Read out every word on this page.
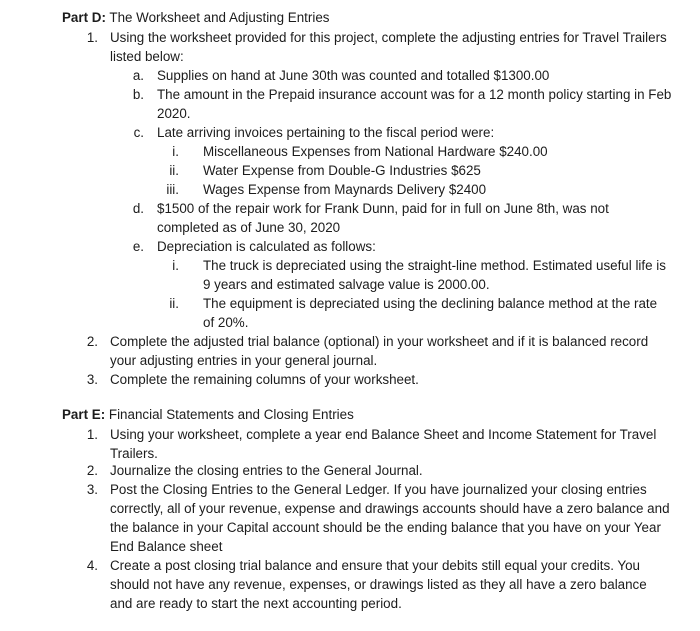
Part D: The Worksheet and Adjusting Entries
1. Using the worksheet provided for this project, complete the adjusting entries for Travel Trailers listed below:
a. Supplies on hand at June 30th was counted and totalled $1300.00
b. The amount in the Prepaid insurance account was for a 12 month policy starting in Feb 2020.
c. Late arriving invoices pertaining to the fiscal period were:
i. Miscellaneous Expenses from National Hardware $240.00
ii. Water Expense from Double-G Industries $625
iii. Wages Expense from Maynards Delivery $2400
d. $1500 of the repair work for Frank Dunn, paid for in full on June 8th, was not completed as of June 30, 2020
e. Depreciation is calculated as follows:
i. The truck is depreciated using the straight-line method. Estimated useful life is 9 years and estimated salvage value is 2000.00.
ii. The equipment is depreciated using the declining balance method at the rate of 20%.
2. Complete the adjusted trial balance (optional) in your worksheet and if it is balanced record your adjusting entries in your general journal.
3. Complete the remaining columns of your worksheet.
Part E: Financial Statements and Closing Entries
1. Using your worksheet, complete a year end Balance Sheet and Income Statement for Travel Trailers.
2. Journalize the closing entries to the General Journal.
3. Post the Closing Entries to the General Ledger. If you have journalized your closing entries correctly, all of your revenue, expense and drawings accounts should have a zero balance and the balance in your Capital account should be the ending balance that you have on your Year End Balance sheet
4. Create a post closing trial balance and ensure that your debits still equal your credits. You should not have any revenue, expenses, or drawings listed as they all have a zero balance and are ready to start the next accounting period.
